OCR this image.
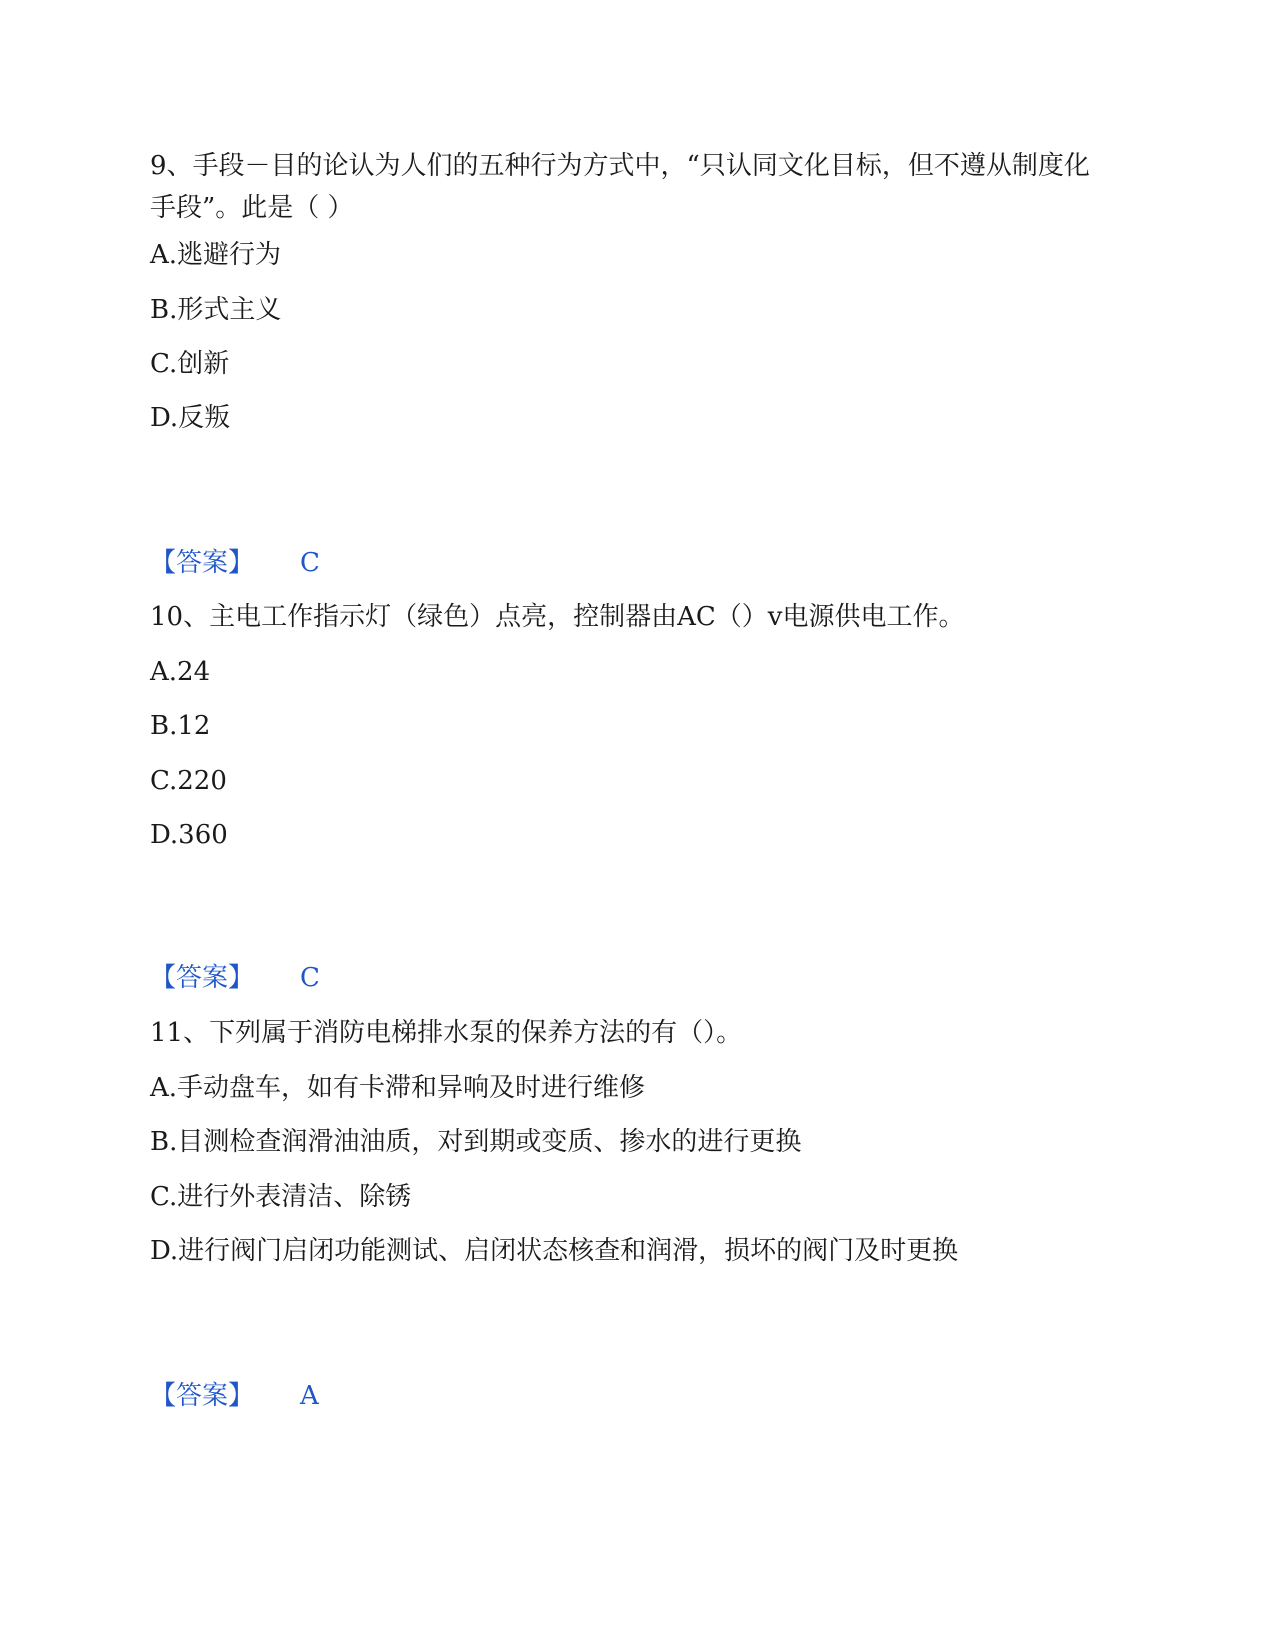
9、手段－目的论认为人们的五种行为方式中，“只认同文化目标，但不遵从制度化手段”。此是（ ）
A.逃避行为
B.形式主义
C.创新
D.反叛
【答案】 C
10、主电工作指示灯（绿色）点亮，控制器由AC（）v电源供电工作。
A.24
B.12
C.220
D.360
【答案】 C
11、下列属于消防电梯排水泵的保养方法的有（）。
A.手动盘车，如有卡滞和异响及时进行维修
B.目测检查润滑油油质，对到期或变质、掺水的进行更换
C.进行外表清洁、除锈
D.进行阀门启闭功能测试、启闭状态核查和润滑，损坏的阀门及时更换
【答案】 A
